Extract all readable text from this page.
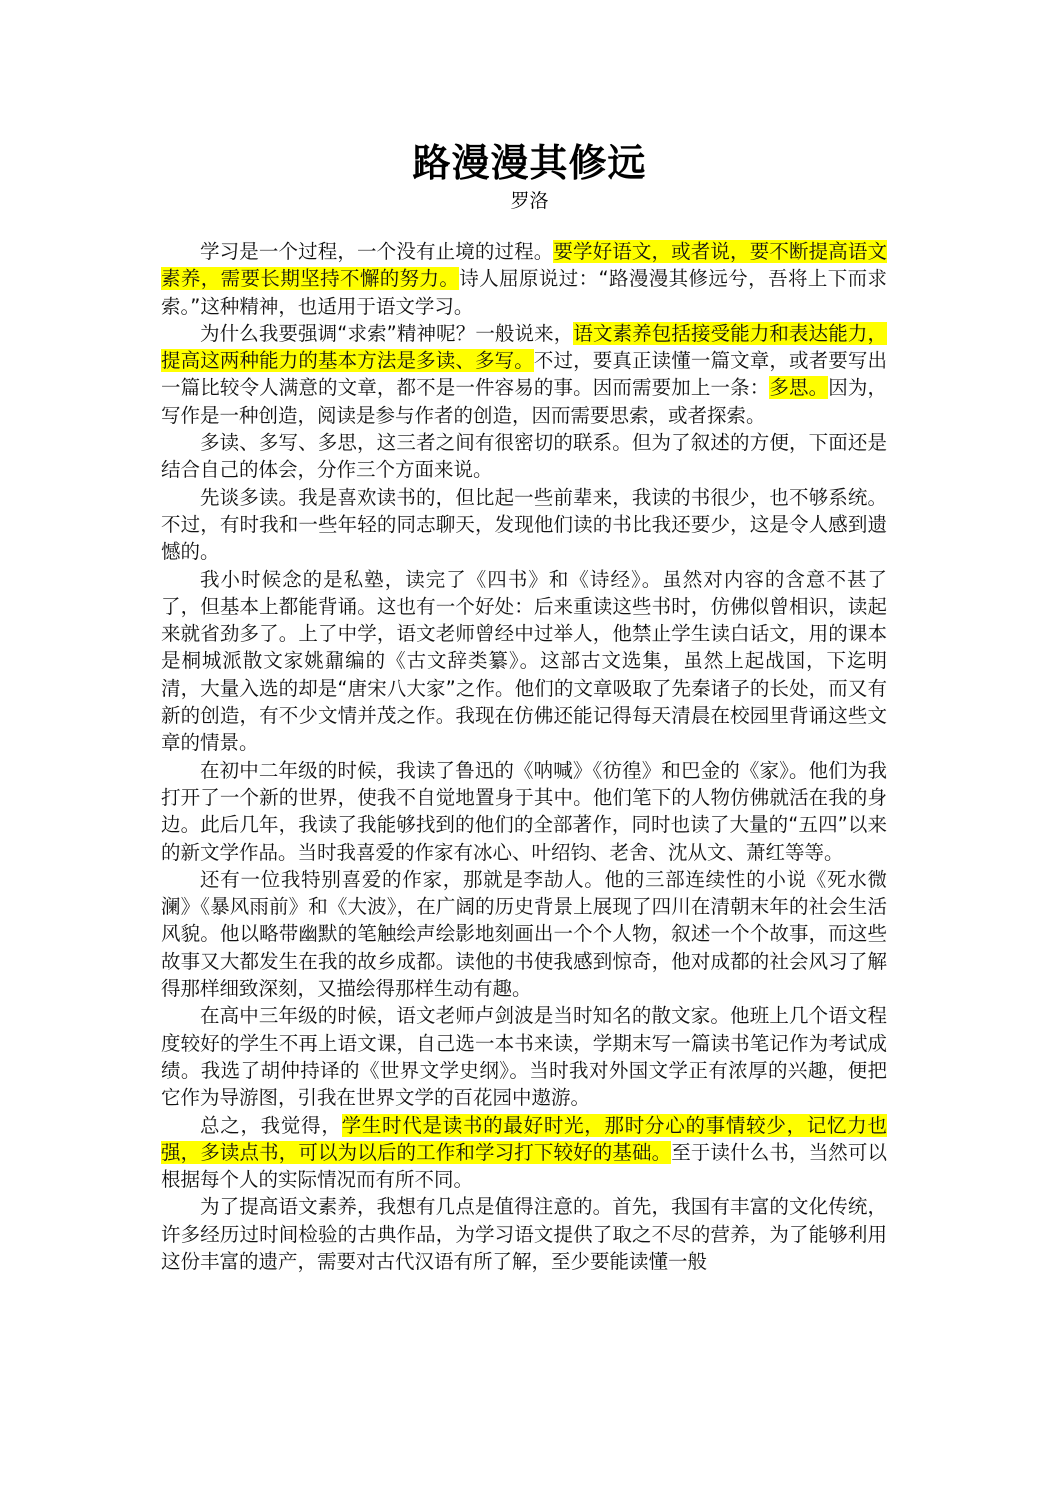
路漫漫其修远
罗洛

学习是一个过程，一个没有止境的过程。要学好语文，或者说，要不断提高语文素养，需要长期坚持不懈的努力。诗人屈原说过：“路漫漫其修远兮，吾将上下而求索。”这种精神，也适用于语文学习。

为什么我要强调“求索”精神呢？一般说来，语文素养包括接受能力和表达能力，提高这两种能力的基本方法是多读、多写。不过，要真正读懂一篇文章，或者要写出一篇比较令人满意的文章，都不是一件容易的事。因而需要加上一条：多思。因为，写作是一种创造，阅读是参与作者的创造，因而需要思索，或者探索。

多读、多写、多思，这三者之间有很密切的联系。但为了叙述的方便，下面还是结合自己的体会，分作三个方面来说。

先谈多读。我是喜欢读书的，但比起一些前辈来，我读的书很少，也不够系统。不过，有时我和一些年轻的同志聊天，发现他们读的书比我还要少，这是令人感到遗憾的。

我小时候念的是私塾，读完了《四书》和《诗经》。虽然对内容的含意不甚了了，但基本上都能背诵。这也有一个好处：后来重读这些书时，仿佛似曾相识，读起来就省劲多了。上了中学，语文老师曾经中过举人，他禁止学生读白话文，用的课本是桐城派散文家姚鼐编的《古文辞类纂》。这部古文选集，虽然上起战国，下迄明清，大量入选的却是“唐宋八大家”之作。他们的文章吸取了先秦诸子的长处，而又有新的创造，有不少文情并茂之作。我现在仿佛还能记得每天清晨在校园里背诵这些文章的情景。

在初中二年级的时候，我读了鲁迅的《呐喊》《彷徨》和巴金的《家》。他们为我打开了一个新的世界，使我不自觉地置身于其中。他们笔下的人物仿佛就活在我的身边。此后几年，我读了我能够找到的他们的全部著作，同时也读了大量的“五四”以来的新文学作品。当时我喜爱的作家有冰心、叶绍钧、老舍、沈从文、萧红等等。

还有一位我特别喜爱的作家，那就是李劼人。他的三部连续性的小说《死水微澜》《暴风雨前》和《大波》，在广阔的历史背景上展现了四川在清朝末年的社会生活风貌。他以略带幽默的笔触绘声绘影地刻画出一个个人物，叙述一个个故事，而这些故事又大都发生在我的故乡成都。读他的书使我感到惊奇，他对成都的社会风习了解得那样细致深刻，又描绘得那样生动有趣。

在高中三年级的时候，语文老师卢剑波是当时知名的散文家。他班上几个语文程度较好的学生不再上语文课，自己选一本书来读，学期末写一篇读书笔记作为考试成绩。我选了胡仲持译的《世界文学史纲》。当时我对外国文学正有浓厚的兴趣，便把它作为导游图，引我在世界文学的百花园中遨游。

总之，我觉得，学生时代是读书的最好时光，那时分心的事情较少，记忆力也强，多读点书，可以为以后的工作和学习打下较好的基础。至于读什么书，当然可以根据每个人的实际情况而有所不同。

为了提高语文素养，我想有几点是值得注意的。首先，我国有丰富的文化传统，许多经历过时间检验的古典作品，为学习语文提供了取之不尽的营养，为了能够利用这份丰富的遗产，需要对古代汉语有所了解，至少要能读懂一般
